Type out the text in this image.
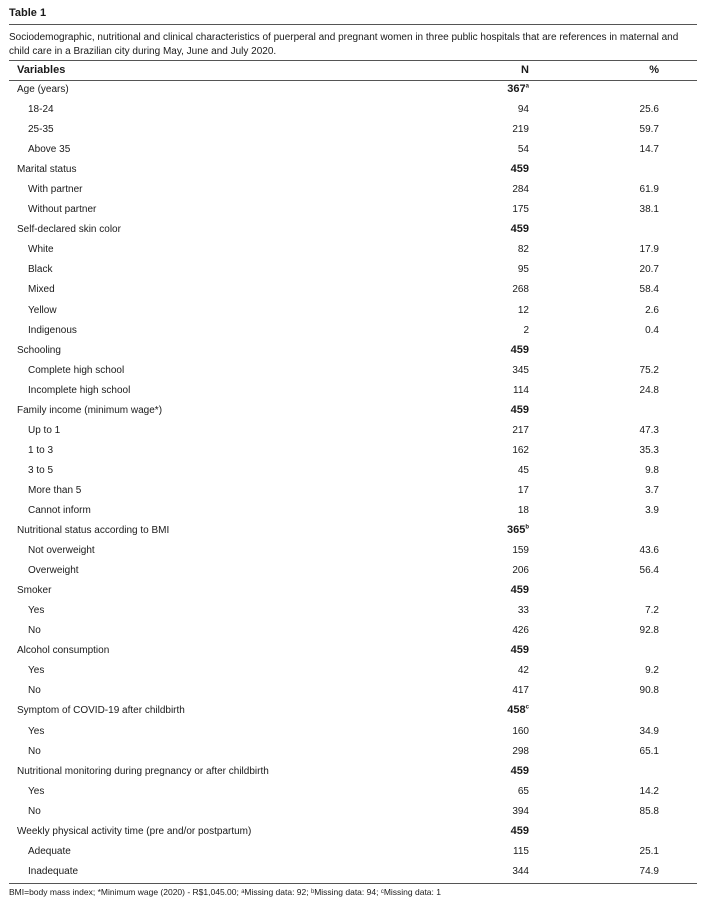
Table 1
Sociodemographic, nutritional and clinical characteristics of puerperal and pregnant women in three public hospitals that are references in maternal and child care in a Brazilian city during May, June and July 2020.
Variables	N	%
Age (years)	367$^a$
18-24	94	25.6
25-35	219	59.7
Above 35	54	14.7
Marital status	459
With partner	284	61.9
Without partner	175	38.1
Self-declared skin color	459
White	82	17.9
Black	95	20.7
Mixed	268	58.4
Yellow	12	2.6
Indigenous	2	0.4
Schooling	459
Complete high school	345	75.2
Incomplete high school	114	24.8
Family income (minimum wage*)	459
Up to 1	217	47.3
1 to 3	162	35.3
3 to 5	45	9.8
More than 5	17	3.7
Cannot inform	18	3.9
Nutritional status according to BMI	365$^b$
Not overweight	159	43.6
Overweight	206	56.4
Smoker	459
Yes	33	7.2
No	426	92.8
Alcohol consumption	459
Yes	42	9.2
No	417	90.8
Symptom of COVID-19 after childbirth	458$^c$
Yes	160	34.9
No	298	65.1
Nutritional monitoring during pregnancy or after childbirth	459
Yes	65	14.2
No	394	85.8
Weekly physical activity time (pre and/or postpartum)	459
Adequate	115	25.1
Inadequate	344	74.9
BMI=body mass index; *Minimum wage (2020) - R$1,045.00; ᵃMissing data: 92; ᵇMissing data: 94; ᶜMissing data: 1
